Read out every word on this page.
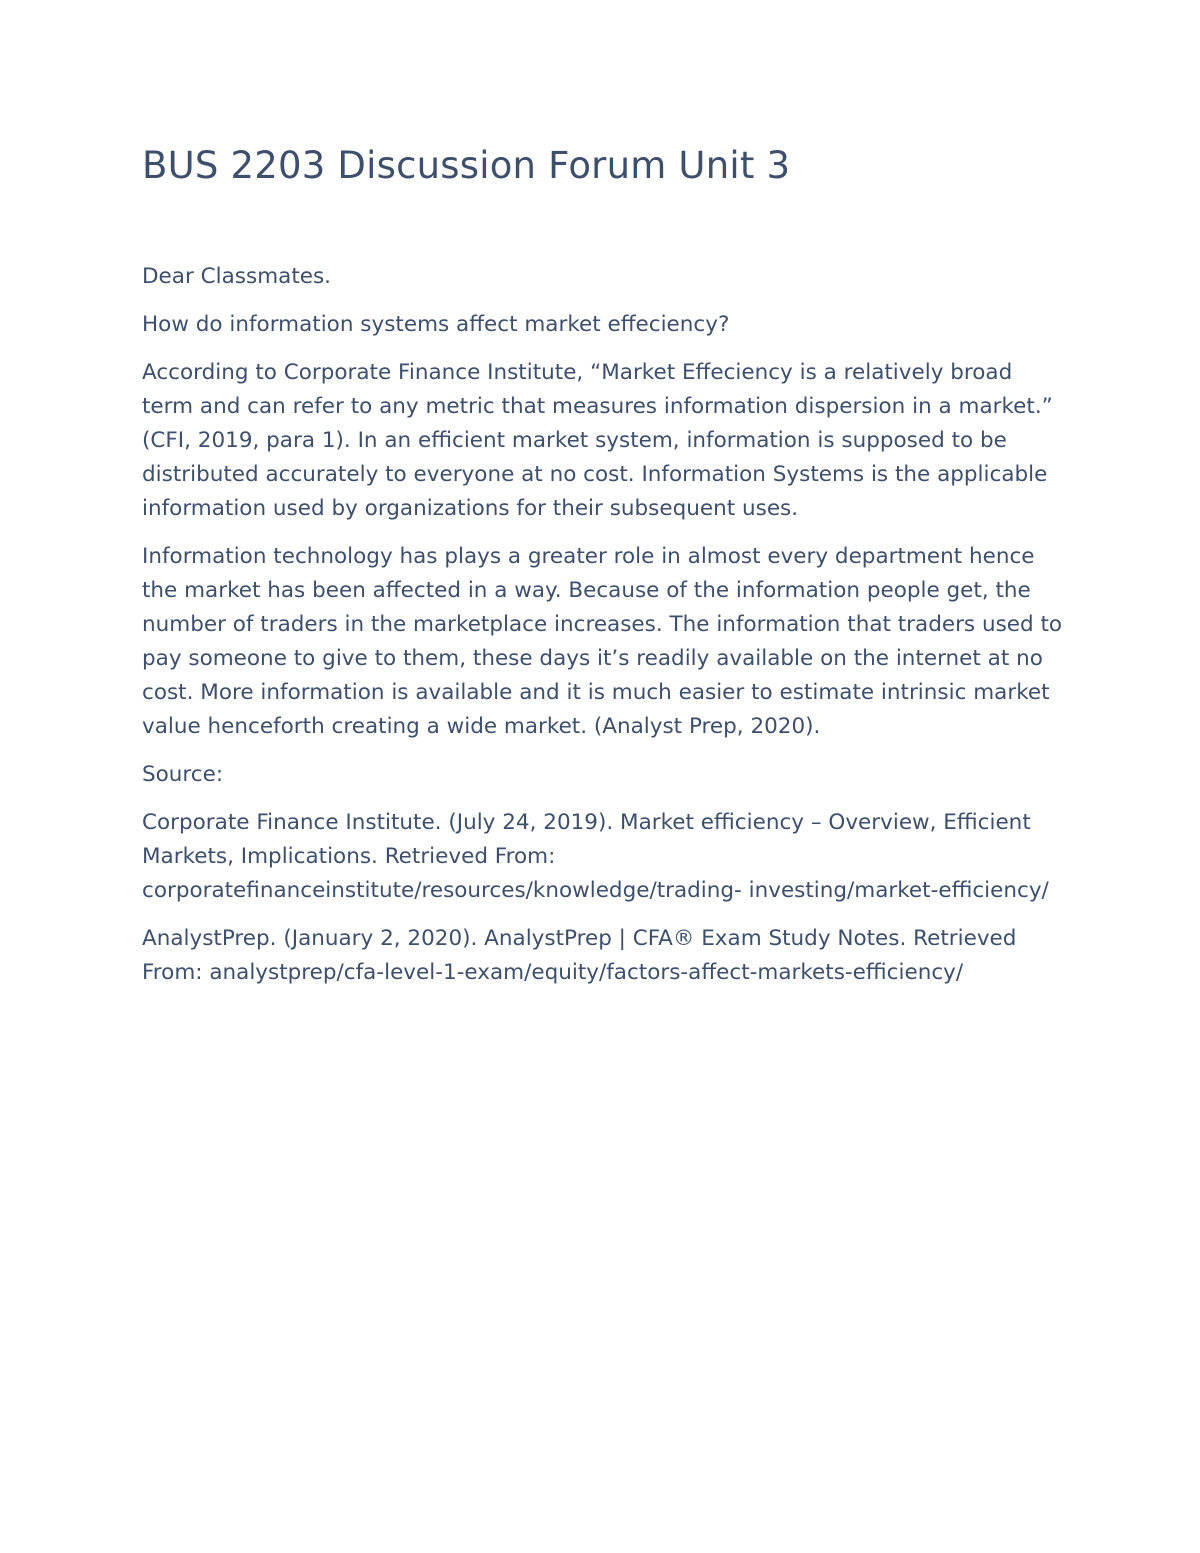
BUS 2203 Discussion Forum Unit 3

Dear Classmates.

How do information systems affect market effeciency?

According to Corporate Finance Institute, “Market Effeciency is a relatively broad term and can refer to any metric that measures information dispersion in a market.” (CFI, 2019, para 1). In an efficient market system, information is supposed to be distributed accurately to everyone at no cost. Information Systems is the applicable information used by organizations for their subsequent uses.

Information technology has plays a greater role in almost every department hence the market has been affected in a way. Because of the information people get, the number of traders in the marketplace increases. The information that traders used to pay someone to give to them, these days it’s readily available on the internet at no cost. More information is available and it is much easier to estimate intrinsic market value henceforth creating a wide market. (Analyst Prep, 2020).

Source:

Corporate Finance Institute. (July 24, 2019). Market efficiency – Overview, Efficient Markets, Implications. Retrieved From: corporatefinanceinstitute/resources/knowledge/trading- investing/market-efficiency/

AnalystPrep. (January 2, 2020). AnalystPrep | CFA® Exam Study Notes. Retrieved From: analystprep/cfa-level-1-exam/equity/factors-affect-markets-efficiency/
